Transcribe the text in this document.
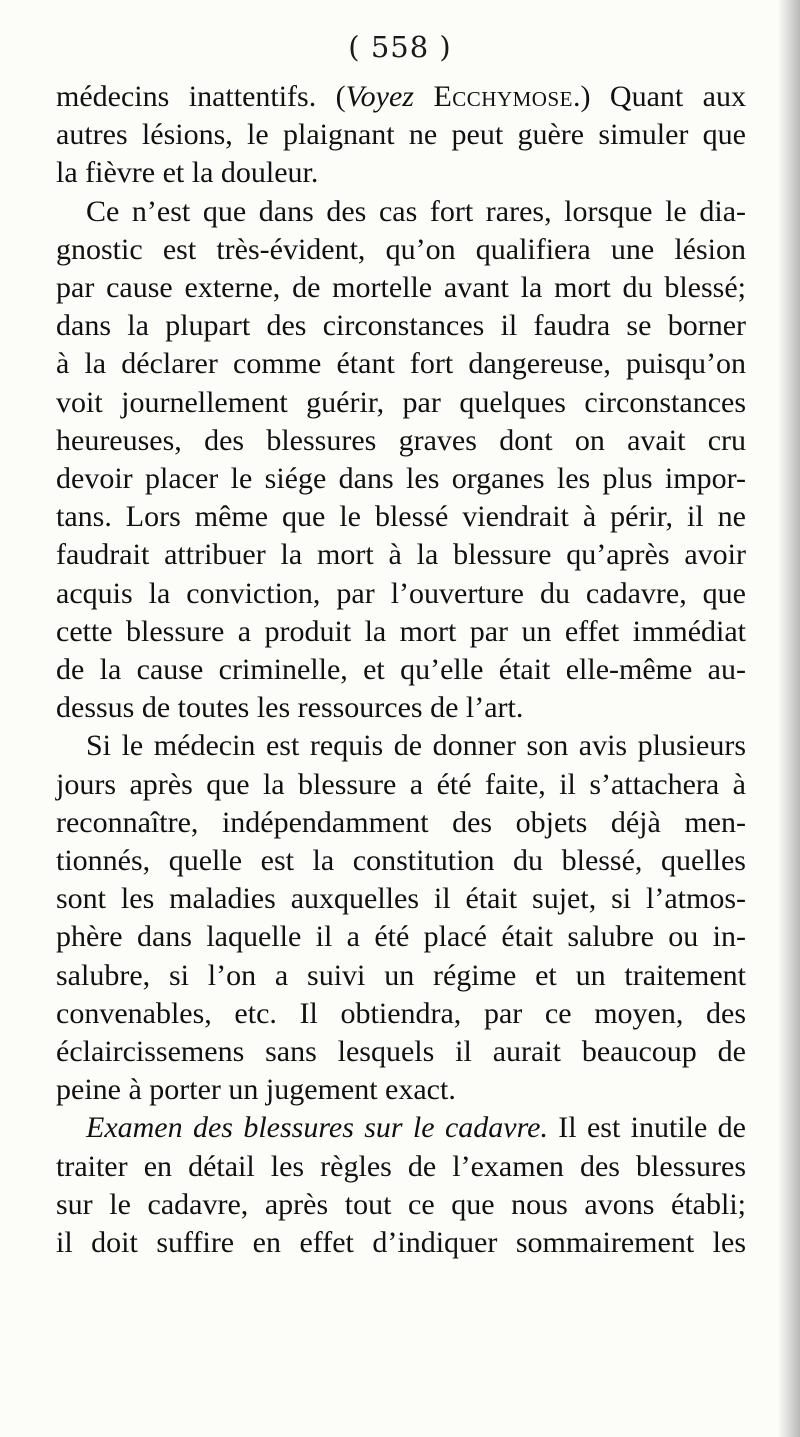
( 558 )
médecins inattentifs. (Voyez Ecchymose.) Quant aux
autres lésions, le plaignant ne peut guère simuler que
la fièvre et la douleur.
Ce n’est que dans des cas fort rares, lorsque le dia-
gnostic est très-évident, qu’on qualifiera une lésion
par cause externe, de mortelle avant la mort du blessé;
dans la plupart des circonstances il faudra se borner
à la déclarer comme étant fort dangereuse, puisqu’on
voit journellement guérir, par quelques circonstances
heureuses, des blessures graves dont on avait cru
devoir placer le siége dans les organes les plus impor-
tans. Lors même que le blessé viendrait à périr, il ne
faudrait attribuer la mort à la blessure qu’après avoir
acquis la conviction, par l’ouverture du cadavre, que
cette blessure a produit la mort par un effet immédiat
de la cause criminelle, et qu’elle était elle-même au-
dessus de toutes les ressources de l’art.
Si le médecin est requis de donner son avis plusieurs
jours après que la blessure a été faite, il s’attachera à
reconnaître, indépendamment des objets déjà men-
tionnés, quelle est la constitution du blessé, quelles
sont les maladies auxquelles il était sujet, si l’atmos-
phère dans laquelle il a été placé était salubre ou in-
salubre, si l’on a suivi un régime et un traitement
convenables, etc. Il obtiendra, par ce moyen, des
éclaircissemens sans lesquels il aurait beaucoup de
peine à porter un jugement exact.
Examen des blessures sur le cadavre. Il est inutile de
traiter en détail les règles de l’examen des blessures
sur le cadavre, après tout ce que nous avons établi;
il doit suffire en effet d’indiquer sommairement les
